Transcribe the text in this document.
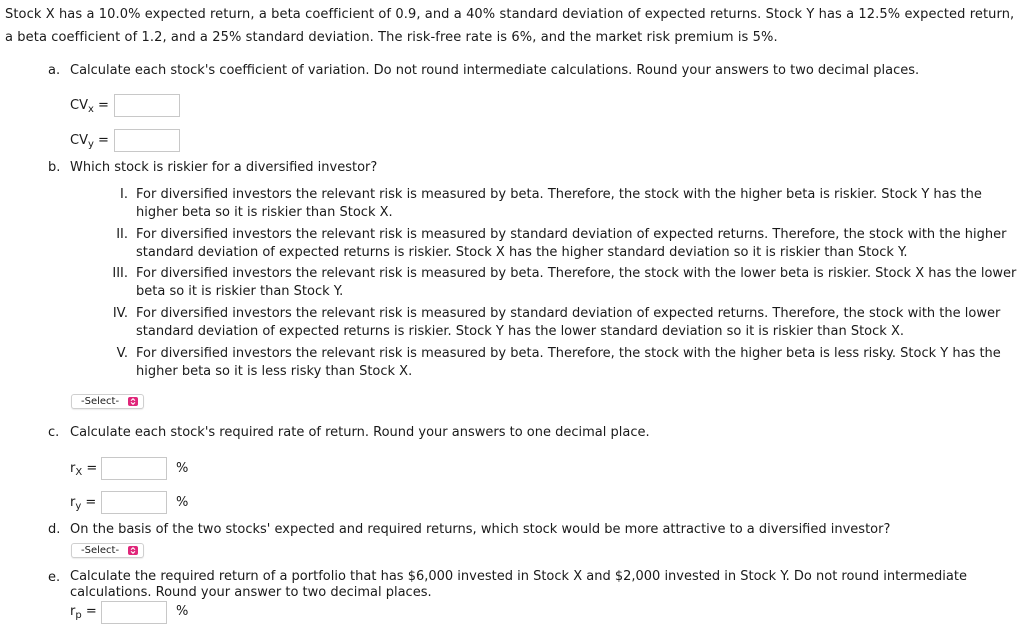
Stock X has a 10.0% expected return, a beta coefficient of 0.9, and a 40% standard deviation of expected returns. Stock Y has a 12.5% expected return, a beta coefficient of 1.2, and a 25% standard deviation. The risk-free rate is 6%, and the market risk premium is 5%.
a. Calculate each stock's coefficient of variation. Do not round intermediate calculations. Round your answers to two decimal places.
$CV_x$ =
$CV_y$ =
b. Which stock is riskier for a diversified investor?
I. For diversified investors the relevant risk is measured by beta. Therefore, the stock with the higher beta is riskier. Stock Y has the higher beta so it is riskier than Stock X.
II. For diversified investors the relevant risk is measured by standard deviation of expected returns. Therefore, the stock with the higher standard deviation of expected returns is riskier. Stock X has the higher standard deviation so it is riskier than Stock Y.
III. For diversified investors the relevant risk is measured by beta. Therefore, the stock with the lower beta is riskier. Stock X has the lower beta so it is riskier than Stock Y.
IV. For diversified investors the relevant risk is measured by standard deviation of expected returns. Therefore, the stock with the lower standard deviation of expected returns is riskier. Stock Y has the lower standard deviation so it is riskier than Stock X.
V. For diversified investors the relevant risk is measured by beta. Therefore, the stock with the higher beta is less risky. Stock Y has the higher beta so it is less risky than Stock X.
-Select-
c. Calculate each stock's required rate of return. Round your answers to one decimal place.
$r_X$ =	%
$r_y$ =	%
d. On the basis of the two stocks' expected and required returns, which stock would be more attractive to a diversified investor?
-Select-
e. Calculate the required return of a portfolio that has $6,000 invested in Stock X and $2,000 invested in Stock Y. Do not round intermediate calculations. Round your answer to two decimal places.
$r_p$ =	%
